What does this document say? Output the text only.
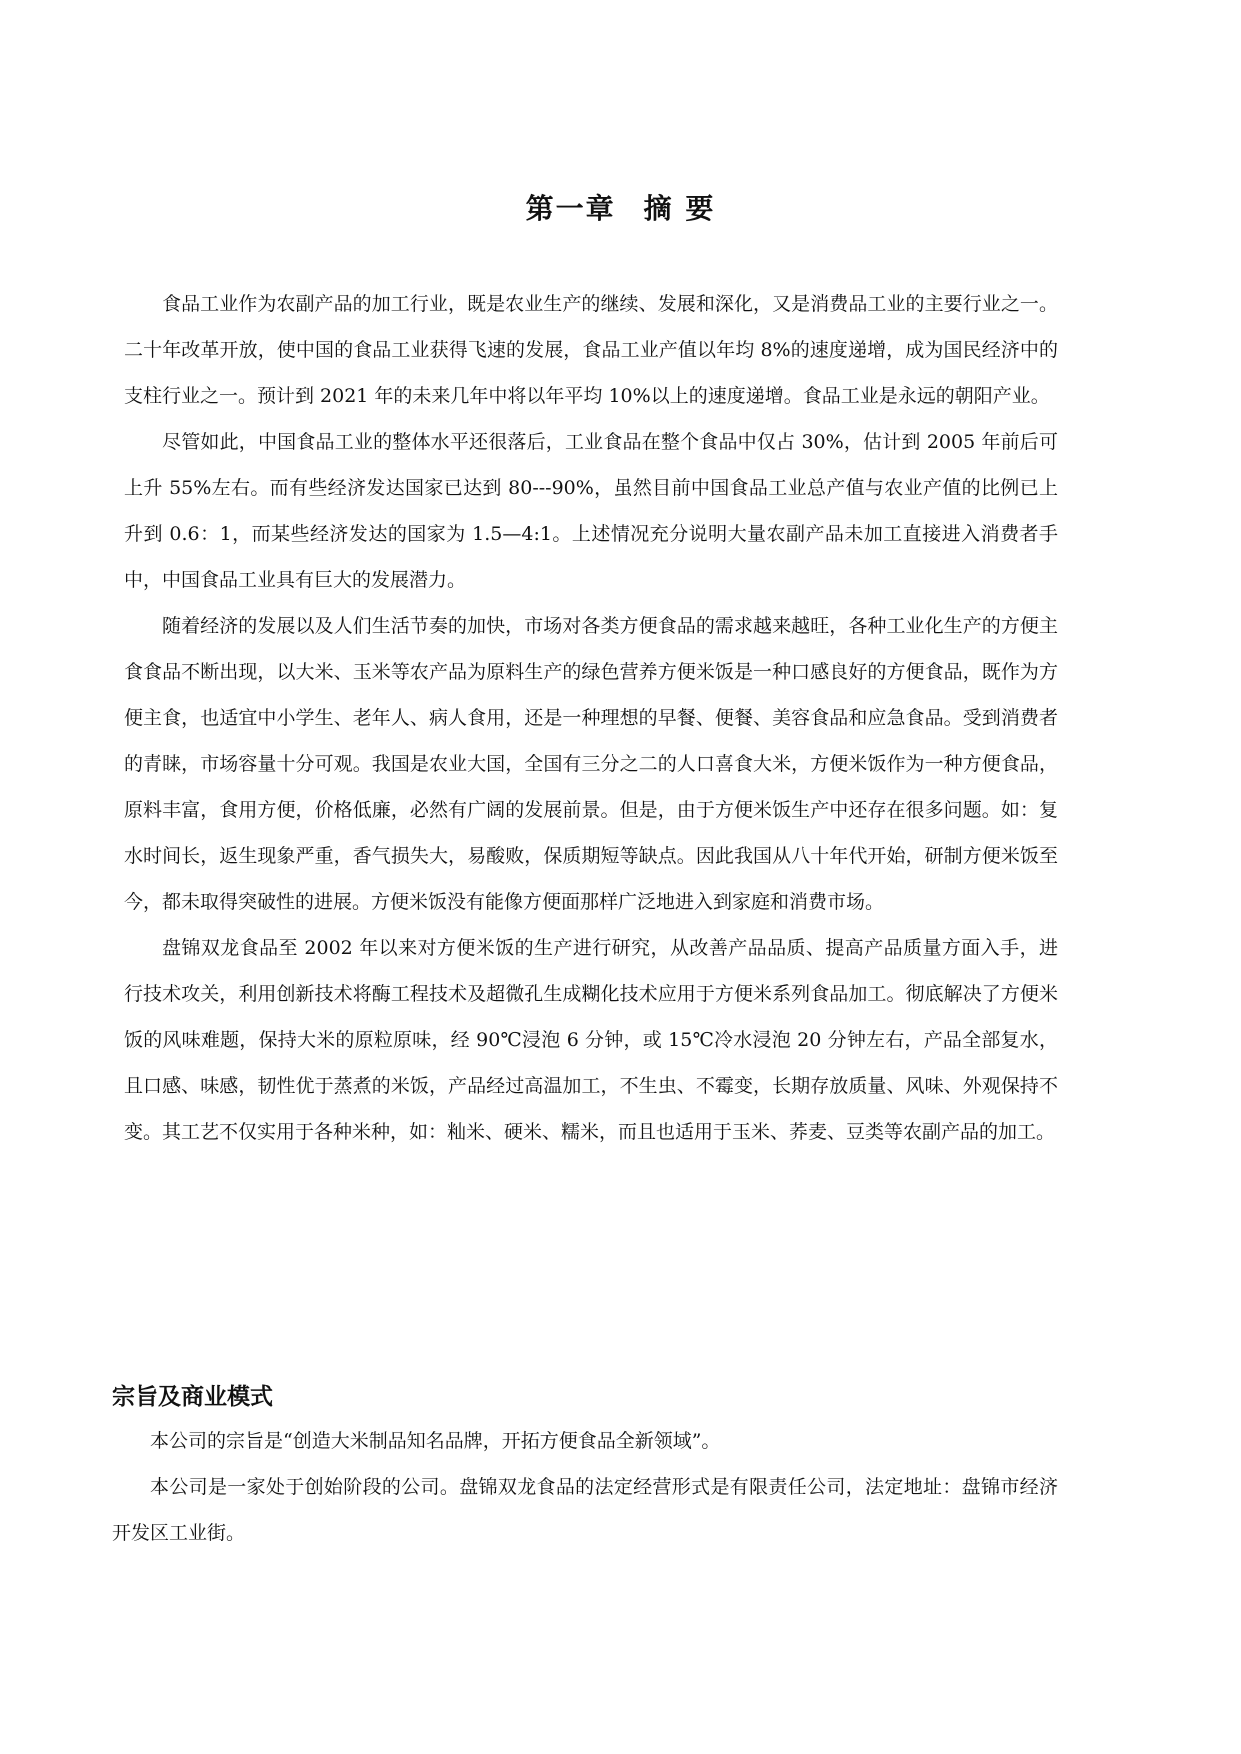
第一章 摘 要

食品工业作为农副产品的加工行业，既是农业生产的继续、发展和深化，又是消费品工业的主要行业之一。二十年改革开放，使中国的食品工业获得飞速的发展，食品工业产值以年均 8%的速度递增，成为国民经济中的支柱行业之一。预计到 2021 年的未来几年中将以年平均 10%以上的速度递增。食品工业是永远的朝阳产业。

尽管如此，中国食品工业的整体水平还很落后，工业食品在整个食品中仅占 30%，估计到 2005 年前后可上升 55%左右。而有些经济发达国家已达到 80---90%，虽然目前中国食品工业总产值与农业产值的比例已上升到 0.6：1，而某些经济发达的国家为 1.5—4:1。上述情况充分说明大量农副产品未加工直接进入消费者手中，中国食品工业具有巨大的发展潜力。

随着经济的发展以及人们生活节奏的加快，市场对各类方便食品的需求越来越旺，各种工业化生产的方便主食食品不断出现，以大米、玉米等农产品为原料生产的绿色营养方便米饭是一种口感良好的方便食品，既作为方便主食，也适宜中小学生、老年人、病人食用，还是一种理想的早餐、便餐、美容食品和应急食品。受到消费者的青睐，市场容量十分可观。我国是农业大国，全国有三分之二的人口喜食大米，方便米饭作为一种方便食品，原料丰富，食用方便，价格低廉，必然有广阔的发展前景。但是，由于方便米饭生产中还存在很多问题。如：复水时间长，返生现象严重，香气损失大，易酸败，保质期短等缺点。因此我国从八十年代开始，研制方便米饭至今，都未取得突破性的进展。方便米饭没有能像方便面那样广泛地进入到家庭和消费市场。

盘锦双龙食品至 2002 年以来对方便米饭的生产进行研究，从改善产品品质、提高产品质量方面入手，进行技术攻关，利用创新技术将酶工程技术及超微孔生成糊化技术应用于方便米系列食品加工。彻底解决了方便米饭的风味难题，保持大米的原粒原味，经 90℃浸泡 6 分钟，或 15℃冷水浸泡 20 分钟左右，产品全部复水，且口感、味感，韧性优于蒸煮的米饭，产品经过高温加工，不生虫、不霉变，长期存放质量、风味、外观保持不变。其工艺不仅实用于各种米种，如：籼米、硬米、糯米，而且也适用于玉米、荞麦、豆类等农副产品的加工。

宗旨及商业模式

本公司的宗旨是“创造大米制品知名品牌，开拓方便食品全新领域”。

本公司是一家处于创始阶段的公司。盘锦双龙食品的法定经营形式是有限责任公司，法定地址：盘锦市经济开发区工业街。
